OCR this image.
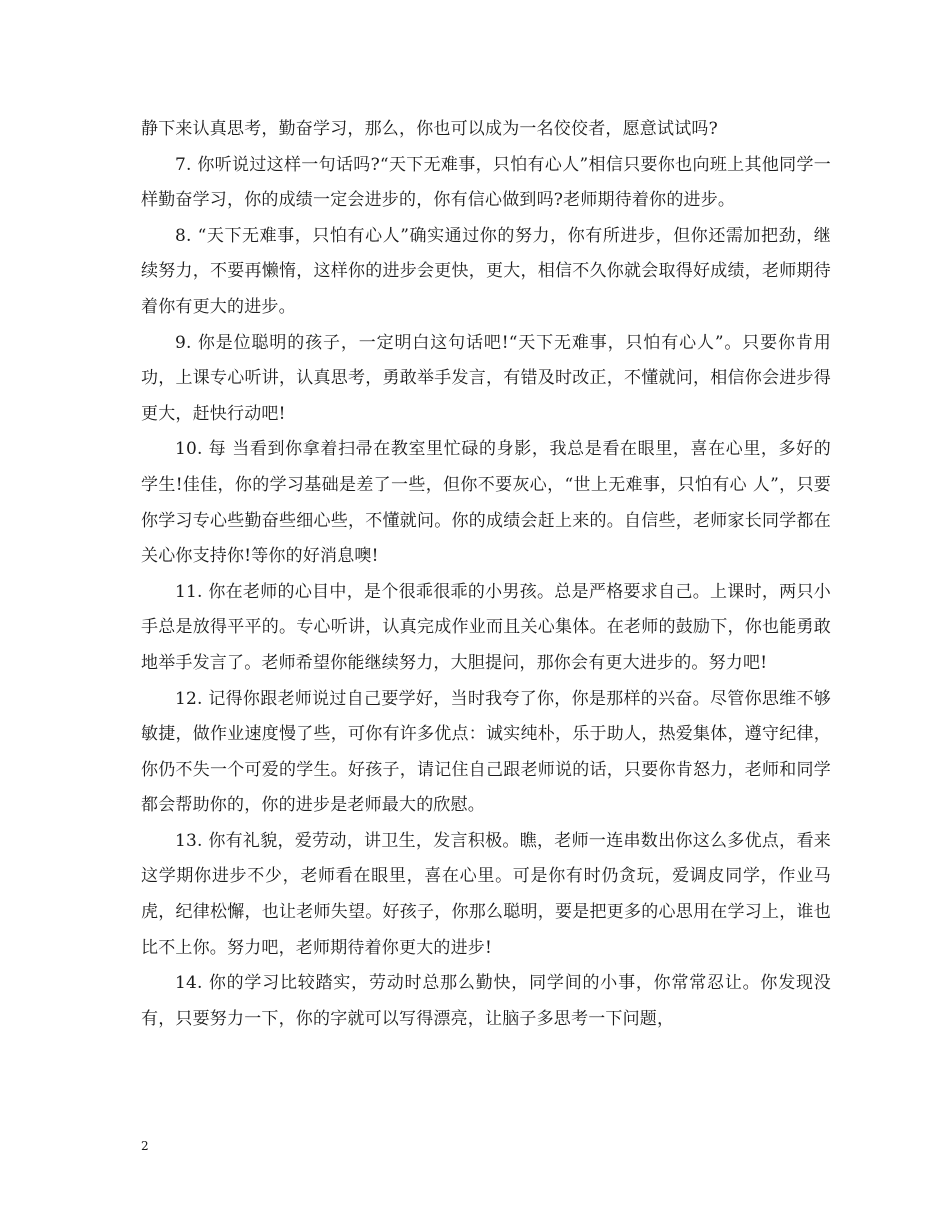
静下来认真思考，勤奋学习，那么，你也可以成为一名佼佼者，愿意试试吗?

7. 你听说过这样一句话吗?“天下无难事，只怕有心人”相信只要你也向班上其他同学一样勤奋学习，你的成绩一定会进步的，你有信心做到吗?老师期待着你的进步。

8. “天下无难事，只怕有心人”确实通过你的努力，你有所进步，但你还需加把劲，继续努力，不要再懒惰，这样你的进步会更快，更大，相信不久你就会取得好成绩，老师期待着你有更大的进步。

9. 你是位聪明的孩子，一定明白这句话吧!“天下无难事，只怕有心人”。只要你肯用功，上课专心听讲，认真思考，勇敢举手发言，有错及时改正，不懂就问，相信你会进步得更大，赶快行动吧!

10. 每 当看到你拿着扫帚在教室里忙碌的身影，我总是看在眼里，喜在心里，多好的学生!佳佳，你的学习基础是差了一些，但你不要灰心，“世上无难事，只怕有心 人”，只要你学习专心些勤奋些细心些，不懂就问。你的成绩会赶上来的。自信些，老师家长同学都在关心你支持你!等你的好消息噢!

11. 你在老师的心目中，是个很乖很乖的小男孩。总是严格要求自己。上课时，两只小手总是放得平平的。专心听讲，认真完成作业而且关心集体。在老师的鼓励下，你也能勇敢地举手发言了。老师希望你能继续努力，大胆提问，那你会有更大进步的。努力吧!

12. 记得你跟老师说过自己要学好，当时我夸了你，你是那样的兴奋。尽管你思维不够敏捷，做作业速度慢了些，可你有许多优点：诚实纯朴，乐于助人，热爱集体，遵守纪律，你仍不失一个可爱的学生。好孩子，请记住自己跟老师说的话，只要你肯怒力，老师和同学都会帮助你的，你的进步是老师最大的欣慰。

13. 你有礼貌，爱劳动，讲卫生，发言积极。瞧，老师一连串数出你这么多优点，看来这学期你进步不少，老师看在眼里，喜在心里。可是你有时仍贪玩，爱调皮同学，作业马虎，纪律松懈，也让老师失望。好孩子，你那么聪明，要是把更多的心思用在学习上，谁也比不上你。努力吧，老师期待着你更大的进步!

14. 你的学习比较踏实，劳动时总那么勤快，同学间的小事，你常常忍让。你发现没有，只要努力一下，你的字就可以写得漂亮，让脑子多思考一下问题，

2
